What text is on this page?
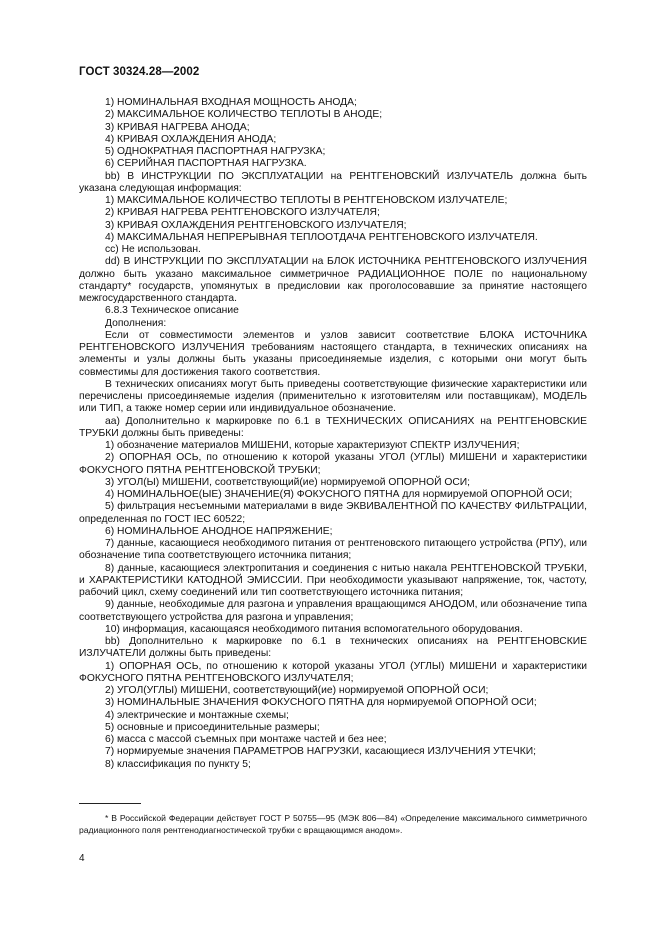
ГОСТ 30324.28—2002

1) НОМИНАЛЬНАЯ ВХОДНАЯ МОЩНОСТЬ АНОДА;

2) МАКСИМАЛЬНОЕ КОЛИЧЕСТВО ТЕПЛОТЫ В АНОДЕ;

3) КРИВАЯ НАГРЕВА АНОДА;

4) КРИВАЯ ОХЛАЖДЕНИЯ АНОДА;

5) ОДНОКРАТНАЯ ПАСПОРТНАЯ НАГРУЗКА;

6) СЕРИЙНАЯ ПАСПОРТНАЯ НАГРУЗКА.

bb) В ИНСТРУКЦИИ ПО ЭКСПЛУАТАЦИИ на РЕНТГЕНОВСКИЙ ИЗЛУЧАТЕЛЬ должна быть указана следующая информация:

1) МАКСИМАЛЬНОЕ КОЛИЧЕСТВО ТЕПЛОТЫ В РЕНТГЕНОВСКОМ ИЗЛУЧАТЕЛЕ;

2) КРИВАЯ НАГРЕВА РЕНТГЕНОВСКОГО ИЗЛУЧАТЕЛЯ;

3) КРИВАЯ ОХЛАЖДЕНИЯ РЕНТГЕНОВСКОГО ИЗЛУЧАТЕЛЯ;

4) МАКСИМАЛЬНАЯ НЕПРЕРЫВНАЯ ТЕПЛООТДАЧА РЕНТГЕНОВСКОГО ИЗЛУЧАТЕЛЯ.

cc) Не использован.

dd) В ИНСТРУКЦИИ ПО ЭКСПЛУАТАЦИИ на БЛОК ИСТОЧНИКА РЕНТГЕНОВСКОГО ИЗЛУЧЕНИЯ должно быть указано максимальное симметричное РАДИАЦИОННОЕ ПОЛЕ по национальному стандарту* государств, упомянутых в предисловии как проголосовавшие за принятие настоящего межгосударственного стандарта.

6.8.3 Техническое описание

Дополнения:

Если от совместимости элементов и узлов зависит соответствие БЛОКА ИСТОЧНИКА РЕНТГЕНОВСКОГО ИЗЛУЧЕНИЯ требованиям настоящего стандарта, в технических описаниях на элементы и узлы должны быть указаны присоединяемые изделия, с которыми они могут быть совместимы для достижения такого соответствия.

В технических описаниях могут быть приведены соответствующие физические характеристики или перечислены присоединяемые изделия (применительно к изготовителям или поставщикам), МОДЕЛЬ или ТИП, а также номер серии или индивидуальное обозначение.

aa) Дополнительно к маркировке по 6.1 в ТЕХНИЧЕСКИХ ОПИСАНИЯХ на РЕНТГЕНОВСКИЕ ТРУБКИ должны быть приведены:

1) обозначение материалов МИШЕНИ, которые характеризуют СПЕКТР ИЗЛУЧЕНИЯ;

2) ОПОРНАЯ ОСЬ, по отношению к которой указаны УГОЛ (УГЛЫ) МИШЕНИ и характеристики ФОКУСНОГО ПЯТНА РЕНТГЕНОВСКОЙ ТРУБКИ;

3) УГОЛ(Ы) МИШЕНИ, соответствующий(ие) нормируемой ОПОРНОЙ ОСИ;

4) НОМИНАЛЬНОЕ(ЫЕ) ЗНАЧЕНИЕ(Я) ФОКУСНОГО ПЯТНА для нормируемой ОПОРНОЙ ОСИ;

5) фильтрация несъемными материалами в виде ЭКВИВАЛЕНТНОЙ ПО КАЧЕСТВУ ФИЛЬТРАЦИИ, определенная по ГОСТ IEC 60522;

6) НОМИНАЛЬНОЕ АНОДНОЕ НАПРЯЖЕНИЕ;

7) данные, касающиеся необходимого питания от рентгеновского питающего устройства (РПУ), или обозначение типа соответствующего источника питания;

8) данные, касающиеся электропитания и соединения с нитью накала РЕНТГЕНОВСКОЙ ТРУБКИ, и ХАРАКТЕРИСТИКИ КАТОДНОЙ ЭМИССИИ. При необходимости указывают напряжение, ток, частоту, рабочий цикл, схему соединений или тип соответствующего источника питания;

9) данные, необходимые для разгона и управления вращающимся АНОДОМ, или обозначение типа соответствующего устройства для разгона и управления;

10) информация, касающаяся необходимого питания вспомогательного оборудования.

bb) Дополнительно к маркировке по 6.1 в технических описаниях на РЕНТГЕНОВСКИЕ ИЗЛУЧАТЕЛИ должны быть приведены:

1) ОПОРНАЯ ОСЬ, по отношению к которой указаны УГОЛ (УГЛЫ) МИШЕНИ и характеристики ФОКУСНОГО ПЯТНА РЕНТГЕНОВСКОГО ИЗЛУЧАТЕЛЯ;

2) УГОЛ(УГЛЫ) МИШЕНИ, соответствующий(ие) нормируемой ОПОРНОЙ ОСИ;

3) НОМИНАЛЬНЫЕ ЗНАЧЕНИЯ ФОКУСНОГО ПЯТНА для нормируемой ОПОРНОЙ ОСИ;

4) электрические и монтажные схемы;

5) основные и присоединительные размеры;

6) масса с массой съемных при монтаже частей и без нее;

7) нормируемые значения ПАРАМЕТРОВ НАГРУЗКИ, касающиеся ИЗЛУЧЕНИЯ УТЕЧКИ;

8) классификация по пункту 5;

* В Российской Федерации действует ГОСТ Р 50755—95 (МЭК 806—84) «Определение максимального симметричного радиационного поля рентгенодиагностической трубки с вращающимся анодом».

4
